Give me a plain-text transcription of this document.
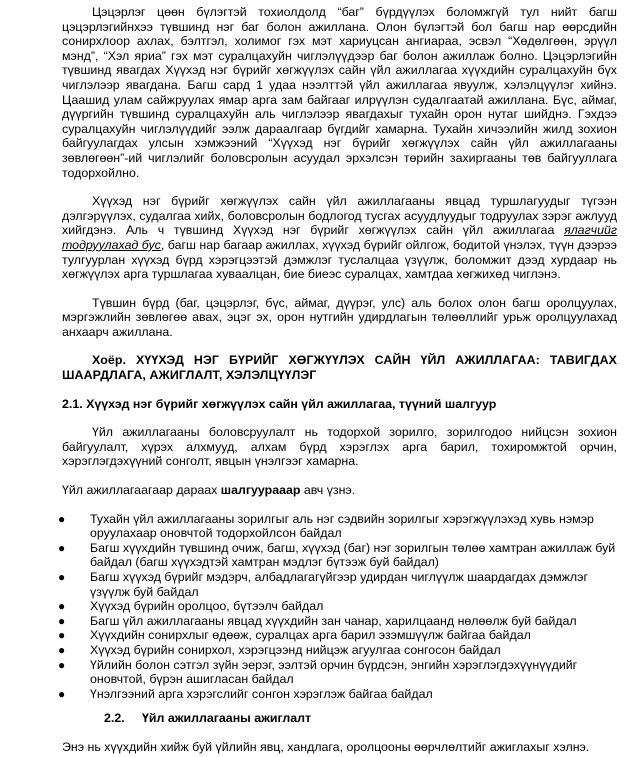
Цэцэрлэг цөөн бүлэгтэй тохиолдолд “баг” бүрдүүлэх боломжгүй тул нийт багш цэцэрлэгийнхээ түвшинд нэг баг болон ажиллана. Олон бүлэгтэй бол багш нар өөрсдийн сонирхлоор ахлах, бэлтгэл, холимог гэх мэт хариуцсан ангиараа, эсвэл “Хөдөлгөөн, эрүүл мэнд”, “Хэл яриа” гэх мэт суралцахуйн чиглэлүүдээр баг болон ажиллаж болно. Цэцэрлэгийн түвшинд явагдах Хүүхэд нэг бүрийг хөгжүүлэх сайн үйл ажиллагаа хүүхдийн суралцахуйн бүх чиглэлээр явагдана. Багш сард 1 удаа нээлттэй үйл ажиллагаа явуулж, хэлэлцүүлэг хийнэ. Цаашид улам сайжруулах ямар арга зам байгааг илрүүлэн судалгаатай ажиллана. Бүс, аймаг, дүүргийн түвшинд суралцахуйн аль чиглэлээр явагдахыг тухайн орон нутаг шийднэ. Гэхдээ суралцахуйн чиглэлүүдийг ээлж дараалгаар бүгдийг хамарна. Тухайн хичээлийн жилд зохион байгуулагдах улсын хэмжээний “Хүүхэд нэг бүрийг хөгжүүлэх сайн үйл ажиллагааны зөвлөгөөн”-ий чиглэлийг боловсролын асуудал эрхэлсэн төрийн захиргааны төв байгууллага тодорхойлно.

Хүүхэд нэг бүрийг хөгжүүлэх сайн үйл ажиллагааны явцад туршлагуудыг түгээн дэлгэрүүлэх, судалгаа хийх, боловсролын бодлогод тусгах асуудлуудыг тодруулах зэрэг ажлууд хийгдэнэ. Аль ч түвшинд Хүүхэд нэг бүрийг хөгжүүлэх сайн үйл ажиллагаа ялагчийг тодруулахад бус, багш нар багаар ажиллах, хүүхэд бүрийг ойлгож, бодитой үнэлэх, түүн дээрээ тулгуурлан хүүхэд бүрд хэрэгцээтэй дэмжлэг туслалцаа үзүүлж, боломжит дээд хурдаар нь хөгжүүлэх арга туршлагаа хуваалцан, бие биеэс суралцах, хамтдаа хөгжихөд чиглэнэ.

Түвшин бүрд (баг, цэцэрлэг, бүс, аймаг, дүүрэг, улс) аль болох олон багш оролцуулах, мэргэжлийн зөвлөгөө авах, эцэг эх, орон нутгийн удирдлагын төлөөллийг урьж оролцуулахад анхаарч ажиллана.

Хоёр. ХҮҮХЭД НЭГ БҮРИЙГ ХӨГЖҮҮЛЭХ САЙН ҮЙЛ АЖИЛЛАГАА: ТАВИГДАХ ШААРДЛАГА, АЖИГЛАЛТ, ХЭЛЭЛЦҮҮЛЭГ

2.1. Хүүхэд нэг бүрийг хөгжүүлэх сайн үйл ажиллагаа, түүний шалгуур

Үйл ажиллагааны боловсруулалт нь тодорхой зорилго, зорилгодоо нийцсэн зохион байгуулалт, хүрэх алхмууд, алхам бүрд хэрэглэх арга барил, тохиромжтой орчин, хэрэглэгдэхүүний сонголт, явцын үнэлгээг хамарна.

Үйл ажиллагаагаар дараах шалгуурааар авч үзнэ.

● Тухайн үйл ажиллагааны зорилгыг аль нэг сэдвийн зорилгыг хэрэгжүүлэхэд хувь нэмэр оруулахаар оновчтой тодорхойлсон байдал
● Багш хүүхдийн түвшинд очиж, багш, хүүхэд (баг) нэг зорилгын төлөө хамтран ажиллаж буй байдал (багш хүүхэдтэй хамтран мэдлэг бүтээж буй байдал)
● Багш хүүхэд бүрийг мэдэрч, албадлагагүйгээр удирдан чиглүүлж шаардагдах дэмжлэг үзүүлж буй байдал
● Хүүхэд бүрийн оролцоо, бүтээлч байдал
● Багш үйл ажиллагааны явцад хүүхдийн зан чанар, харилцаанд нөлөөлж буй байдал
● Хүүхдийн сонирхлыг өдөөж, суралцах арга барил эзэмшүүлж байгаа байдал
● Хүүхэд бүрийн сонирхол, хэрэгцээнд нийцэж агуулгаа сонгосон байдал
● Үйлийн болон сэтгэл зүйн эерэг, ээлтэй орчин бүрдсэн, энгийн хэрэглэгдэхүүнүүдийг оновчтой, бүрэн ашигласан байдал
● Үнэлгээний арга хэрэгслийг сонгон хэрэглэж байгаа байдал

2.2. Үйл ажиллагааны ажиглалт

Энэ нь хүүхдийн хийж буй үйлийн явц, хандлага, оролцооны өөрчлөлтийг ажиглахыг хэлнэ.
